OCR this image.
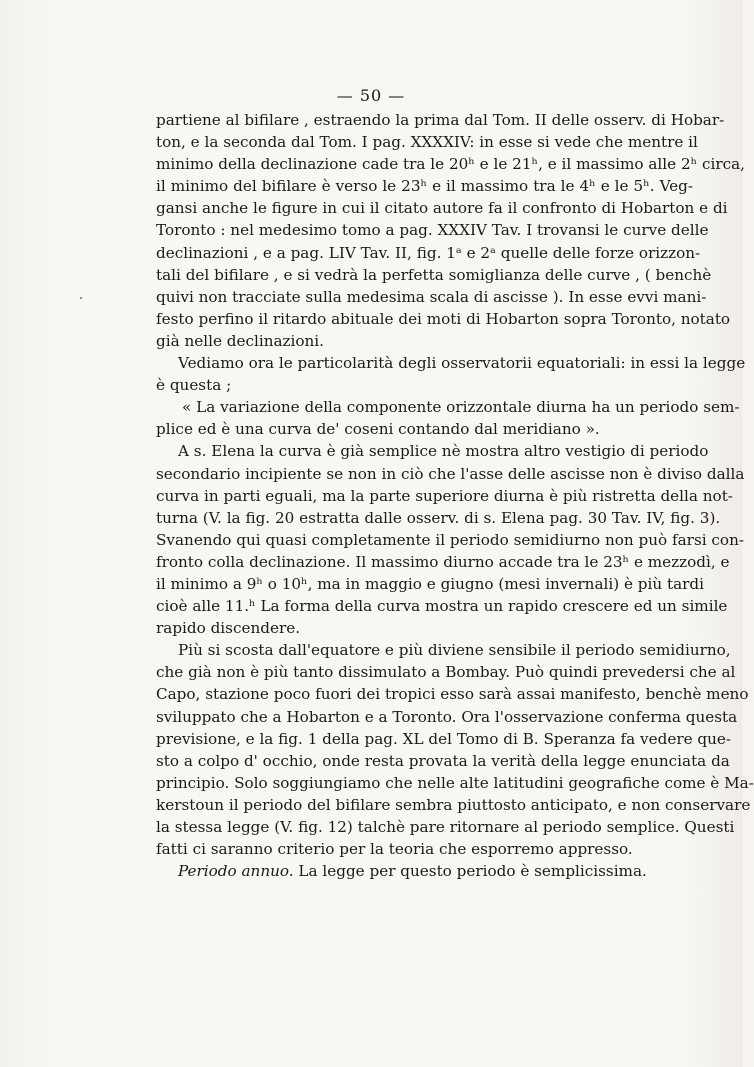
— 50 —
partiene al bifilare , estraendo la prima dal Tom. II delle osserv. di Hobar-
ton, e la seconda dal Tom. I pag. XXXXIV: in esse si vede che mentre il
minimo della declinazione cade tra le 20ʰ e le 21ʰ, e il massimo alle 2ʰ circa,
il minimo del bifilare è verso le 23ʰ e il massimo tra le 4ʰ e le 5ʰ. Veg-
gansi anche le figure in cui il citato autore fa il confronto di Hobarton e di
Toronto : nel medesimo tomo a pag. XXXIV Tav. I trovansi le curve delle
declinazioni , e a pag. LIV Tav. II, fig. 1ᵃ e 2ᵃ quelle delle forze orizzon-
tali del bifilare , e si vedrà la perfetta somiglianza delle curve , ( benchè
quivi non tracciate sulla medesima scala di ascisse ). In esse evvi mani-
festo perfino il ritardo abituale dei moti di Hobarton sopra Toronto, notato
già nelle declinazioni.
Vediamo ora le particolarità degli osservatorii equatoriali: in essi la legge
è questa ;
« La variazione della componente orizzontale diurna ha un periodo sem-
plice ed è una curva de' coseni contando dal meridiano ».
A s. Elena la curva è già semplice nè mostra altro vestigio di periodo
secondario incipiente se non in ciò che l'asse delle ascisse non è diviso dalla
curva in parti eguali, ma la parte superiore diurna è più ristretta della not-
turna (V. la fig. 20 estratta dalle osserv. di s. Elena pag. 30 Tav. IV, fig. 3).
Svanendo qui quasi completamente il periodo semidiurno non può farsi con-
fronto colla declinazione. Il massimo diurno accade tra le 23ʰ e mezzodì, e
il minimo a 9ʰ o 10ʰ, ma in maggio e giugno (mesi invernali) è più tardi
cioè alle 11.ʰ La forma della curva mostra un rapido crescere ed un simile
rapido discendere.
Più si scosta dall'equatore e più diviene sensibile il periodo semidiurno,
che già non è più tanto dissimulato a Bombay. Può quindi prevedersi che al
Capo, stazione poco fuori dei tropici esso sarà assai manifesto, benchè meno
sviluppato che a Hobarton e a Toronto. Ora l'osservazione conferma questa
previsione, e la fig. 1 della pag. XL del Tomo di B. Speranza fa vedere que-
sto a colpo d' occhio, onde resta provata la verità della legge enunciata da
principio. Solo soggiungiamo che nelle alte latitudini geografiche come è Ma-
kerstoun il periodo del bifilare sembra piuttosto anticipato, e non conservare
la stessa legge (V. fig. 12) talchè pare ritornare al periodo semplice. Questi
fatti ci saranno criterio per la teoria che esporremo appresso.
Periodo annuo. La legge per questo periodo è semplicissima.
